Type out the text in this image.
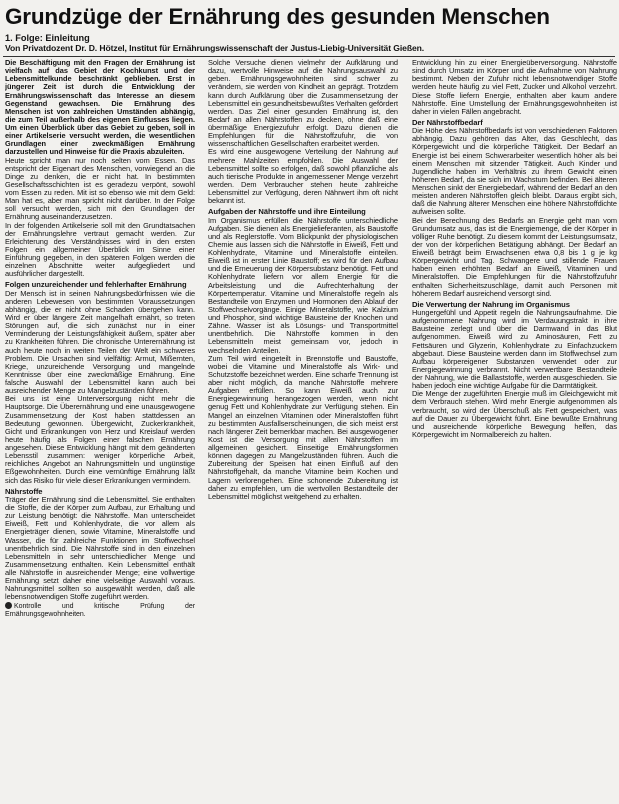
Grundzüge der Ernährung des gesunden Menschen
1. Folge: Einleitung
Von Privatdozent Dr. D. Hötzel, Institut für Ernährungswissenschaft der Justus-Liebig-Universität Gießen.

Die Beschäftigung mit den Fragen der Ernährung ist vielfach auf das Gebiet der Kochkunst und der Lebensmittelkunde beschränkt geblieben. Erst in jüngerer Zeit ist durch die Entwicklung der Ernährungswissenschaft das Interesse an diesem Gegenstand gewachsen. Die Ernährung des Menschen ist von zahlreichen Umständen abhängig, die zum Teil außerhalb des eigenen Einflusses liegen. Um einen Überblick über das Gebiet zu geben, soll in einer Artikelserie versucht werden, die wesentlichen Grundlagen einer zweckmäßigen Ernährung darzustellen und Hinweise für die Praxis abzuleiten.

Heute spricht man nur noch selten vom Essen. Das entspricht der Eigenart des Menschen, vorwiegend an die Dinge zu denken, die er nicht hat. In bestimmten Gesellschaftsschichten ist es geradezu verpönt, sowohl vom Essen zu reden. Mit ist so ebenso wie mit dem Geld: Man hat es, aber man spricht nicht darüber. In der Folge soll versucht werden, sich mit den Grundlagen der Ernährung auseinanderzusetzen.

In der folgenden Artikelserie soll mit den Grundtatsachen der Ernährungslehre vertraut gemacht werden. Zur Erleichterung des Verständnisses wird in den ersten Folgen ein allgemeiner Überblick im Sinne einer Einführung gegeben, in den späteren Folgen werden die einzelnen Abschnitte weiter aufgegliedert und ausführlicher dargestellt.

Folgen unzureichender und fehlerhafter Ernährung

Der Mensch ist in seinen Nahrungsbedürfnissen wie die anderen Lebewesen von bestimmten Voraussetzungen abhängig, die er nicht ohne Schaden übergehen kann. Wird er über längere Zeit mangelhaft ernährt, so treten Störungen auf, die sich zunächst nur in einer Verminderung der Leistungsfähigkeit äußern, später aber zu Krankheiten führen. Die chronische Unterernährung ist auch heute noch in weiten Teilen der Welt ein schweres Problem. Die Ursachen sind vielfältig: Armut, Mißernten, Kriege, unzureichende Versorgung und mangelnde Kenntnisse über eine zweckmäßige Ernährung. Eine falsche Auswahl der Lebensmittel kann auch bei ausreichender Menge zu Mangelzuständen führen.

Bei uns ist eine Unterversorgung nicht mehr die Hauptsorge. Die Überernährung und eine unausgewogene Zusammensetzung der Kost haben stattdessen an Bedeutung gewonnen. Übergewicht, Zuckerkrankheit, Gicht und Erkrankungen von Herz und Kreislauf werden heute häufig als Folgen einer falschen Ernährung angesehen. Diese Entwicklung hängt mit dem geänderten Lebensstil zusammen: weniger körperliche Arbeit, reichliches Angebot an Nahrungsmitteln und ungünstige Eßgewohnheiten. Durch eine vernünftige Ernährung läßt sich das Risiko für viele dieser Erkrankungen vermindern.

Nährstoffe

Träger der Ernährung sind die Lebensmittel. Sie enthalten die Stoffe, die der Körper zum Aufbau, zur Erhaltung und zur Leistung benötigt: die Nährstoffe. Man unterscheidet Eiweiß, Fett und Kohlenhydrate, die vor allem als Energieträger dienen, sowie Vitamine, Mineralstoffe und Wasser, die für zahlreiche Funktionen im Stoffwechsel unentbehrlich sind. Die Nährstoffe sind in den einzelnen Lebensmitteln in sehr unterschiedlicher Menge und Zusammensetzung enthalten. Kein Lebensmittel enthält alle Nährstoffe in ausreichender Menge; eine vollwertige Ernährung setzt daher eine vielseitige Auswahl voraus. Nahrungsmittel sollten so ausgewählt werden, daß alle lebensnotwendigen Stoffe zugeführt werden.

Kontrolle und kritische Prüfung der Ernährungsgewohnheiten.

Solche Versuche dienen vielmehr der Aufklärung und dazu, wertvolle Hinweise auf die Nahrungsauswahl zu geben. Ernährungsgewohnheiten sind schwer zu verändern, sie werden von Kindheit an geprägt. Trotzdem kann durch Aufklärung über die Zusammensetzung der Lebensmittel ein gesundheitsbewußtes Verhalten gefördert werden. Das Ziel einer gesunden Ernährung ist, den Bedarf an allen Nährstoffen zu decken, ohne daß eine übermäßige Energiezufuhr erfolgt. Dazu dienen die Empfehlungen für die Nährstoffzufuhr, die von wissenschaftlichen Gesellschaften erarbeitet werden.

Es wird eine ausgewogene Verteilung der Nahrung auf mehrere Mahlzeiten empfohlen. Die Auswahl der Lebensmittel sollte so erfolgen, daß sowohl pflanzliche als auch tierische Produkte in angemessener Menge verzehrt werden. Dem Verbraucher stehen heute zahlreiche Lebensmittel zur Verfügung, deren Nährwert ihm oft nicht bekannt ist.

Aufgaben der Nährstoffe und ihre Einteilung

Im Organismus erfüllen die Nährstoffe unterschiedliche Aufgaben. Sie dienen als Energielieferanten, als Baustoffe und als Reglerstoffe. Vom Blickpunkt der physiologischen Chemie aus lassen sich die Nährstoffe in Eiweiß, Fett und Kohlenhydrate, Vitamine und Mineralstoffe einteilen. Eiweiß ist in erster Linie Baustoff; es wird für den Aufbau und die Erneuerung der Körpersubstanz benötigt. Fett und Kohlenhydrate liefern vor allem Energie für die Arbeitsleistung und die Aufrechterhaltung der Körpertemperatur. Vitamine und Mineralstoffe regeln als Bestandteile von Enzymen und Hormonen den Ablauf der Stoffwechselvorgänge. Einige Mineralstoffe, wie Kalzium und Phosphor, sind wichtige Bausteine der Knochen und Zähne. Wasser ist als Lösungs- und Transportmittel unentbehrlich. Die Nährstoffe kommen in den Lebensmitteln meist gemeinsam vor, jedoch in wechselnden Anteilen.

Zum Teil wird eingeteilt in Brennstoffe und Baustoffe, wobei die Vitamine und Mineralstoffe als Wirk- und Schutzstoffe bezeichnet werden. Eine scharfe Trennung ist aber nicht möglich, da manche Nährstoffe mehrere Aufgaben erfüllen. So kann Eiweiß auch zur Energiegewinnung herangezogen werden, wenn nicht genug Fett und Kohlenhydrate zur Verfügung stehen. Ein Mangel an einzelnen Vitaminen oder Mineralstoffen führt zu bestimmten Ausfallserscheinungen, die sich meist erst nach längerer Zeit bemerkbar machen. Bei ausgewogener Kost ist die Versorgung mit allen Nährstoffen im allgemeinen gesichert. Einseitige Ernährungsformen können dagegen zu Mangelzuständen führen. Auch die Zubereitung der Speisen hat einen Einfluß auf den Nährstoffgehalt, da manche Vitamine beim Kochen und Lagern verlorengehen. Eine schonende Zubereitung ist daher zu empfehlen, um die wertvollen Bestandteile der Lebensmittel möglichst weitgehend zu erhalten.

Entwicklung hin zu einer Energieüberversorgung. Nährstoffe sind durch Umsatz im Körper und die Aufnahme von Nahrung bestimmt. Neben der Zufuhr nicht lebensnotwendiger Stoffe werden heute häufig zu viel Fett, Zucker und Alkohol verzehrt. Diese Stoffe liefern Energie, enthalten aber kaum andere Nährstoffe. Eine Umstellung der Ernährungsgewohnheiten ist daher in vielen Fällen angebracht.

Der Nährstoffbedarf

Die Höhe des Nährstoffbedarfs ist von verschiedenen Faktoren abhängig. Dazu gehören das Alter, das Geschlecht, das Körpergewicht und die körperliche Tätigkeit. Der Bedarf an Energie ist bei einem Schwerarbeiter wesentlich höher als bei einem Menschen mit sitzender Tätigkeit. Auch Kinder und Jugendliche haben im Verhältnis zu ihrem Gewicht einen höheren Bedarf, da sie sich im Wachstum befinden. Bei älteren Menschen sinkt der Energiebedarf, während der Bedarf an den meisten anderen Nährstoffen gleich bleibt. Daraus ergibt sich, daß die Nahrung älterer Menschen eine höhere Nährstoffdichte aufweisen sollte.

Bei der Berechnung des Bedarfs an Energie geht man vom Grundumsatz aus, das ist die Energiemenge, die der Körper in völliger Ruhe benötigt. Zu diesem kommt der Leistungsumsatz, der von der körperlichen Betätigung abhängt. Der Bedarf an Eiweiß beträgt beim Erwachsenen etwa 0,8 bis 1 g je kg Körpergewicht und Tag. Schwangere und stillende Frauen haben einen erhöhten Bedarf an Eiweiß, Vitaminen und Mineralstoffen. Die Empfehlungen für die Nährstoffzufuhr enthalten Sicherheitszuschläge, damit auch Personen mit höherem Bedarf ausreichend versorgt sind.

Die Verwertung der Nahrung im Organismus

Hungergefühl und Appetit regeln die Nahrungsaufnahme. Die aufgenommene Nahrung wird im Verdauungstrakt in ihre Bausteine zerlegt und über die Darmwand in das Blut aufgenommen. Eiweiß wird zu Aminosäuren, Fett zu Fettsäuren und Glyzerin, Kohlenhydrate zu Einfachzuckern abgebaut. Diese Bausteine werden dann im Stoffwechsel zum Aufbau körpereigener Substanzen verwendet oder zur Energiegewinnung verbrannt. Nicht verwertbare Bestandteile der Nahrung, wie die Ballaststoffe, werden ausgeschieden. Sie haben jedoch eine wichtige Aufgabe für die Darmtätigkeit.

Die Menge der zugeführten Energie muß im Gleichgewicht mit dem Verbrauch stehen. Wird mehr Energie aufgenommen als verbraucht, so wird der Überschuß als Fett gespeichert, was auf die Dauer zu Übergewicht führt. Eine bewußte Ernährung und ausreichende körperliche Bewegung helfen, das Körpergewicht im Normalbereich zu halten.
